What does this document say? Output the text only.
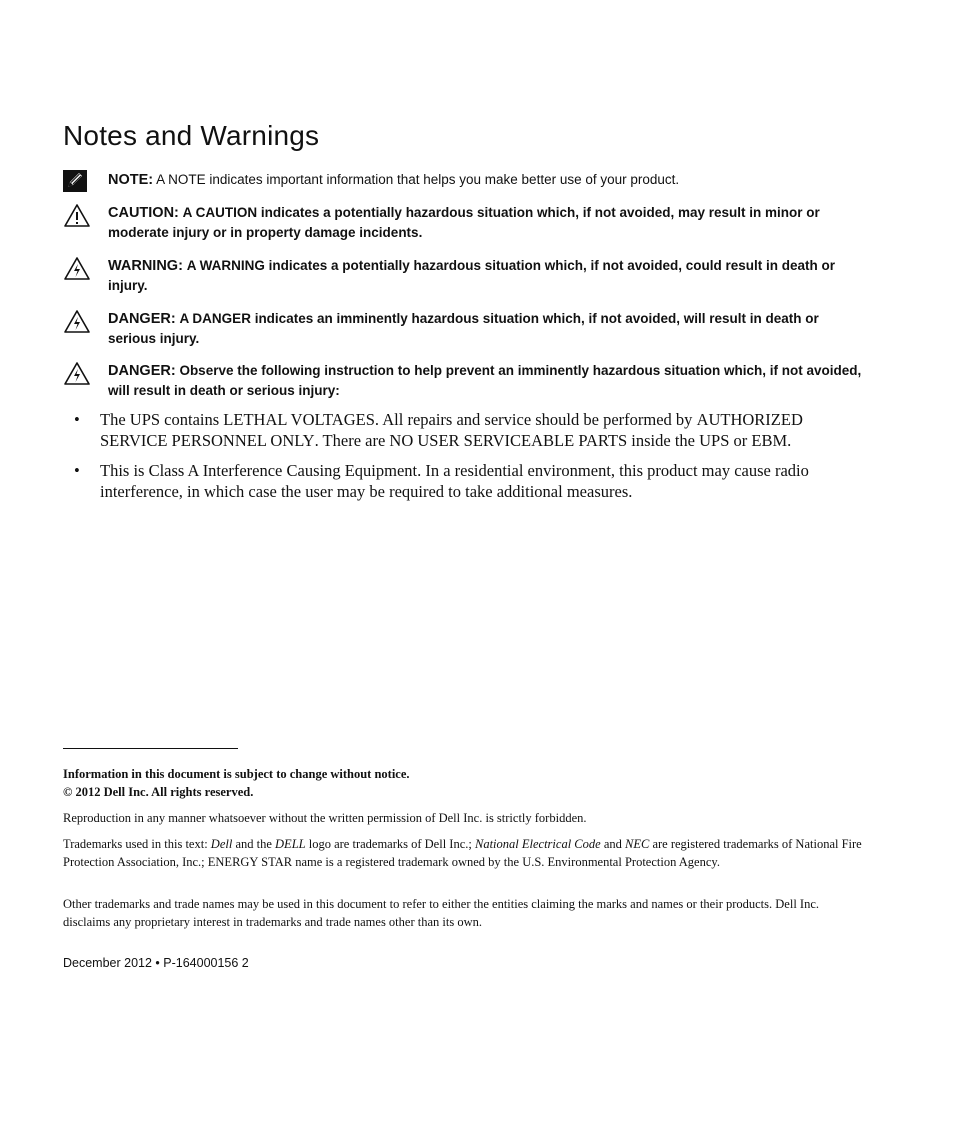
Notes and Warnings
NOTE: A NOTE indicates important information that helps you make better use of your product.
CAUTION: A CAUTION indicates a potentially hazardous situation which, if not avoided, may result in minor or moderate injury or in property damage incidents.
WARNING: A WARNING indicates a potentially hazardous situation which, if not avoided, could result in death or injury.
DANGER: A DANGER indicates an imminently hazardous situation which, if not avoided, will result in death or serious injury.
DANGER: Observe the following instruction to help prevent an imminently hazardous situation which, if not avoided, will result in death or serious injury:
• The UPS contains LETHAL VOLTAGES. All repairs and service should be performed by AUTHORIZED SERVICE PERSONNEL ONLY. There are NO USER SERVICEABLE PARTS inside the UPS or EBM.
• This is Class A Interference Causing Equipment. In a residential environment, this product may cause radio interference, in which case the user may be required to take additional measures.
Information in this document is subject to change without notice.
© 2012 Dell Inc. All rights reserved.
Reproduction in any manner whatsoever without the written permission of Dell Inc. is strictly forbidden.
Trademarks used in this text: Dell and the DELL logo are trademarks of Dell Inc.; National Electrical Code and NEC are registered trademarks of National Fire Protection Association, Inc.; ENERGY STAR name is a registered trademark owned by the U.S. Environmental Protection Agency.
Other trademarks and trade names may be used in this document to refer to either the entities claiming the marks and names or their products. Dell Inc. disclaims any proprietary interest in trademarks and trade names other than its own.
December 2012 • P-164000156 2
